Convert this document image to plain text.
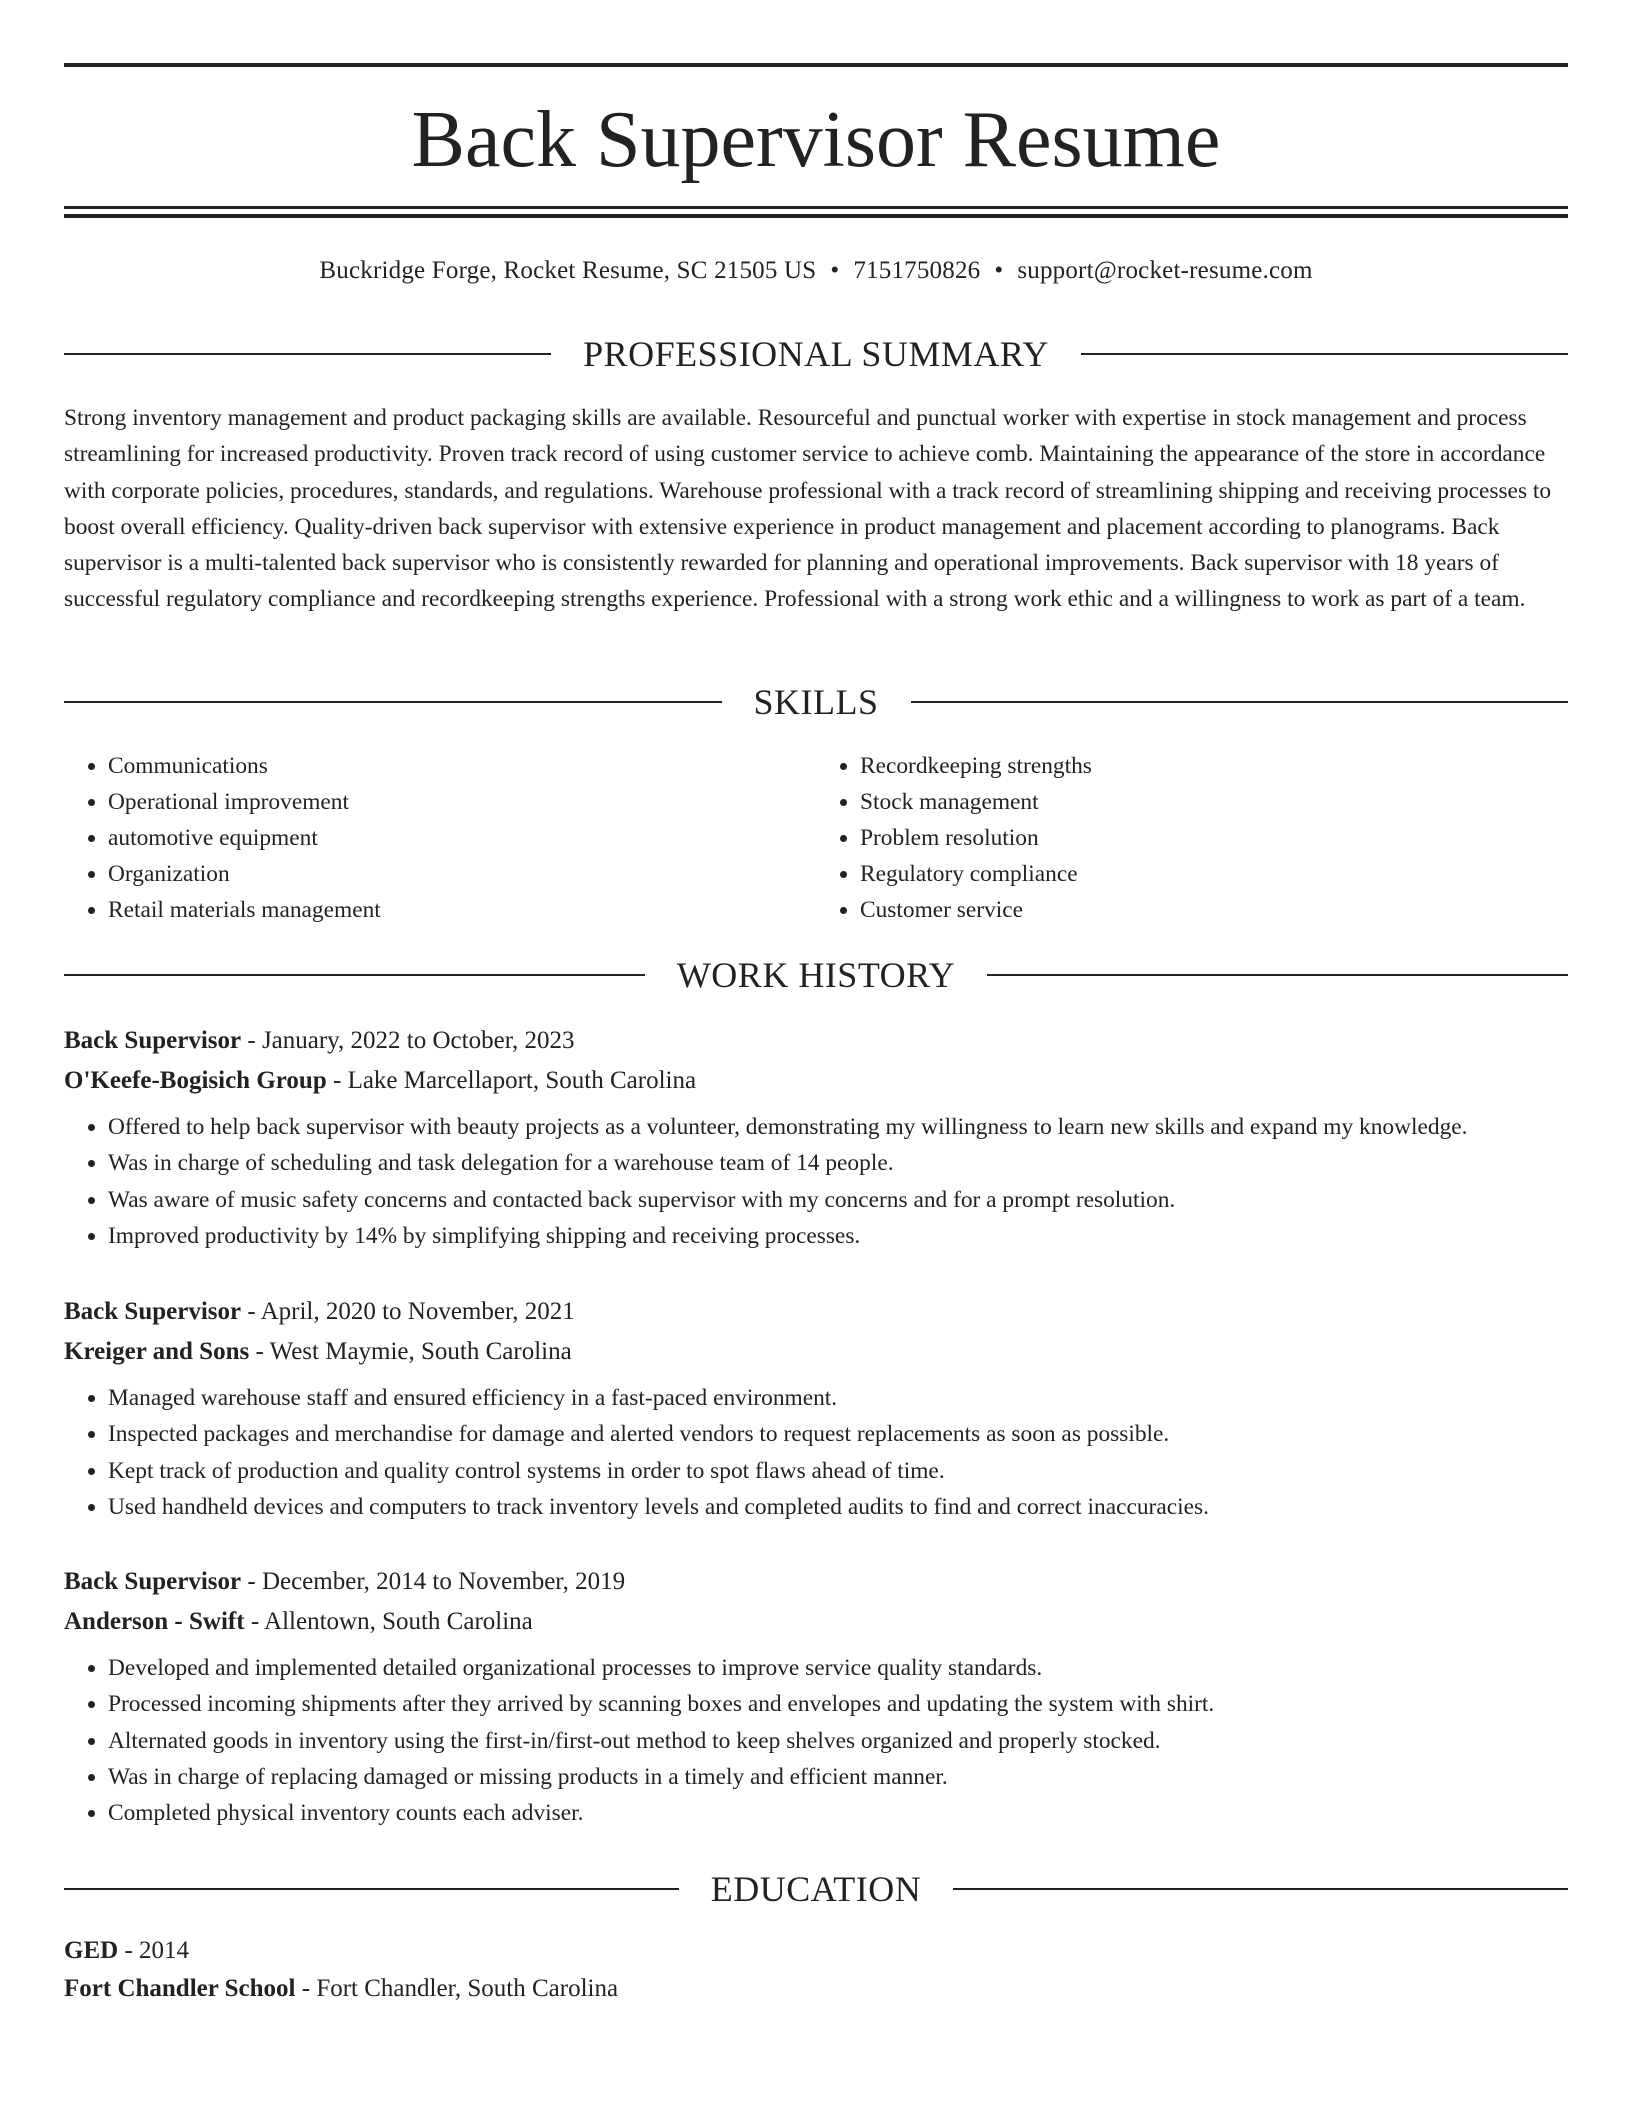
Back Supervisor Resume
Buckridge Forge, Rocket Resume, SC 21505 US • 7151750826 • support@rocket-resume.com
PROFESSIONAL SUMMARY

Strong inventory management and product packaging skills are available. Resourceful and punctual worker with expertise in stock management and process streamlining for increased productivity. Proven track record of using customer service to achieve comb. Maintaining the appearance of the store in accordance with corporate policies, procedures, standards, and regulations. Warehouse professional with a track record of streamlining shipping and receiving processes to boost overall efficiency. Quality-driven back supervisor with extensive experience in product management and placement according to planograms. Back supervisor is a multi-talented back supervisor who is consistently rewarded for planning and operational improvements. Back supervisor with 18 years of successful regulatory compliance and recordkeeping strengths experience. Professional with a strong work ethic and a willingness to work as part of a team.

SKILLS
• Communications
• Operational improvement
• automotive equipment
• Organization
• Retail materials management
• Recordkeeping strengths
• Stock management
• Problem resolution
• Regulatory compliance
• Customer service
WORK HISTORY
Back Supervisor - January, 2022 to October, 2023
O'Keefe-Bogisich Group - Lake Marcellaport, South Carolina
• Offered to help back supervisor with beauty projects as a volunteer, demonstrating my willingness to learn new skills and expand my knowledge.
• Was in charge of scheduling and task delegation for a warehouse team of 14 people.
• Was aware of music safety concerns and contacted back supervisor with my concerns and for a prompt resolution.
• Improved productivity by 14% by simplifying shipping and receiving processes.
Back Supervisor - April, 2020 to November, 2021
Kreiger and Sons - West Maymie, South Carolina
• Managed warehouse staff and ensured efficiency in a fast-paced environment.
• Inspected packages and merchandise for damage and alerted vendors to request replacements as soon as possible.
• Kept track of production and quality control systems in order to spot flaws ahead of time.
• Used handheld devices and computers to track inventory levels and completed audits to find and correct inaccuracies.
Back Supervisor - December, 2014 to November, 2019
Anderson - Swift - Allentown, South Carolina
• Developed and implemented detailed organizational processes to improve service quality standards.
• Processed incoming shipments after they arrived by scanning boxes and envelopes and updating the system with shirt.
• Alternated goods in inventory using the first-in/first-out method to keep shelves organized and properly stocked.
• Was in charge of replacing damaged or missing products in a timely and efficient manner.
• Completed physical inventory counts each adviser.
EDUCATION
GED - 2014
Fort Chandler School - Fort Chandler, South Carolina
